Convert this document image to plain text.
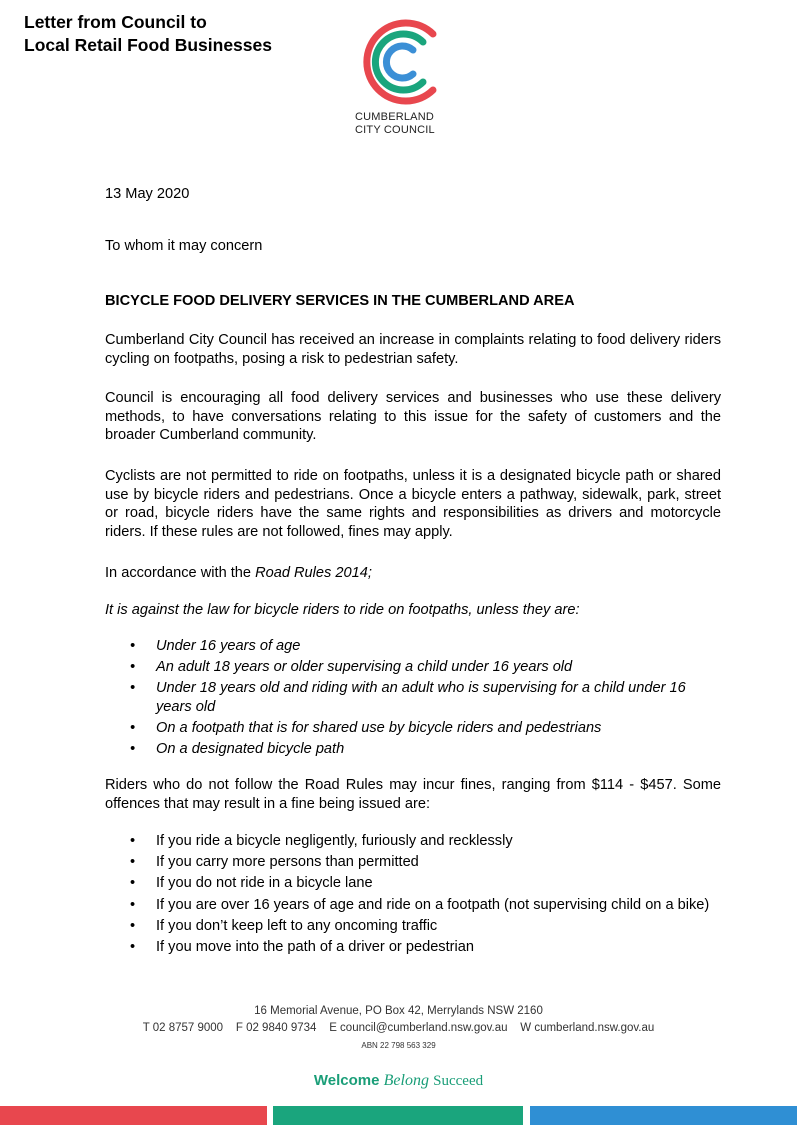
Letter from Council to
Local Retail Food Businesses
CUMBERLAND
CITY COUNCIL
13 May 2020
To whom it may concern
BICYCLE FOOD DELIVERY SERVICES IN THE CUMBERLAND AREA
Cumberland City Council has received an increase in complaints relating to food delivery riders cycling on footpaths, posing a risk to pedestrian safety.
Council is encouraging all food delivery services and businesses who use these delivery methods, to have conversations relating to this issue for the safety of customers and the broader Cumberland community.
Cyclists are not permitted to ride on footpaths, unless it is a designated bicycle path or shared use by bicycle riders and pedestrians. Once a bicycle enters a pathway, sidewalk, park, street or road, bicycle riders have the same rights and responsibilities as drivers and motorcycle riders. If these rules are not followed, fines may apply.
In accordance with the Road Rules 2014;
It is against the law for bicycle riders to ride on footpaths, unless they are:
• Under 16 years of age
• An adult 18 years or older supervising a child under 16 years old
• Under 18 years old and riding with an adult who is supervising for a child under 16 years old
• On a footpath that is for shared use by bicycle riders and pedestrians
• On a designated bicycle path
Riders who do not follow the Road Rules may incur fines, ranging from $114 - $457. Some offences that may result in a fine being issued are:
• If you ride a bicycle negligently, furiously and recklessly
• If you carry more persons than permitted
• If you do not ride in a bicycle lane
• If you are over 16 years of age and ride on a footpath (not supervising child on a bike)
• If you don’t keep left to any oncoming traffic
• If you move into the path of a driver or pedestrian
16 Memorial Avenue, PO Box 42, Merrylands NSW 2160
T 02 8757 9000    F 02 9840 9734    E council@cumberland.nsw.gov.au    W cumberland.nsw.gov.au
ABN 22 798 563 329
Welcome Belong Succeed
